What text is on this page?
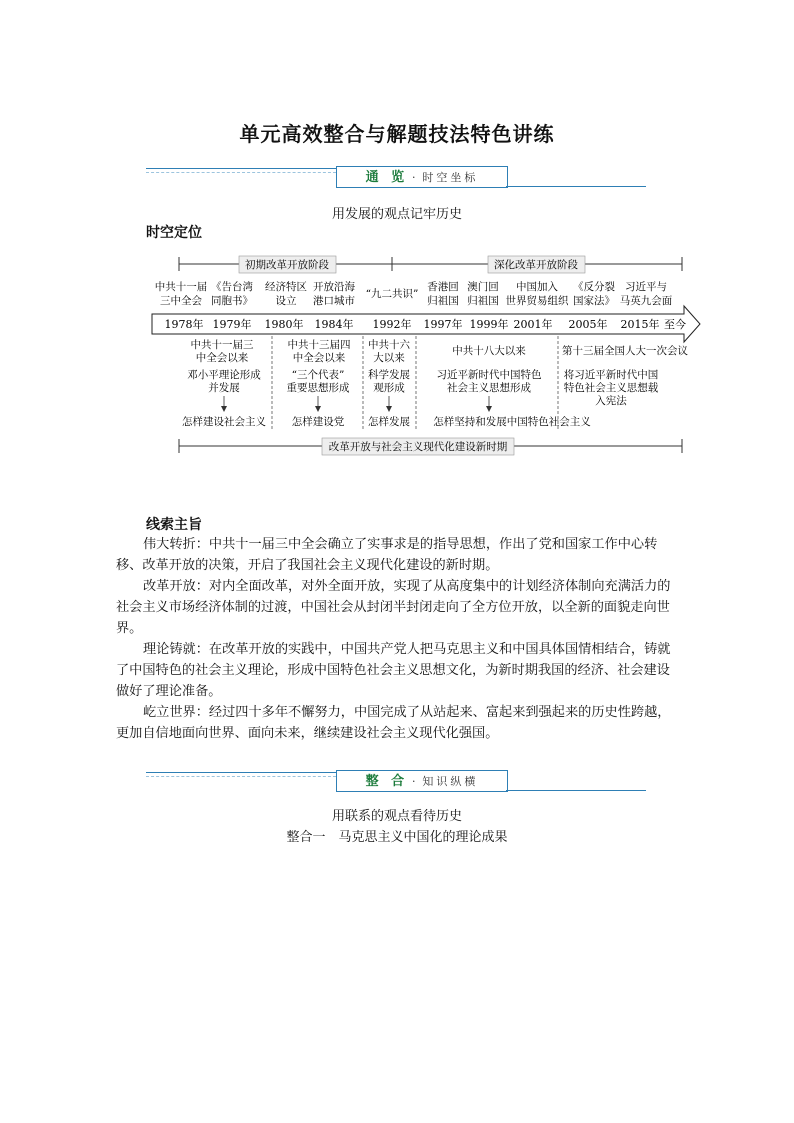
单元高效整合与解题技法特色讲练
通 览 · 时空坐标
用发展的观点记牢历史
时空定位
初期改革开放阶段	深化改革开放阶段
中共十一届
三中全会
《告台湾
同胞书》
经济特区
设立
开放沿海
港口城市
“九二共识”
香港回
归祖国
澳门回
归祖国
中国加入
世界贸易组织
《反分裂
国家法》
习近平与
马英九会面
1978年 1979年 1980年 1984年 1992年 1997年 1999年 2001年 2005年 2015年 至今
中共十一届三
中全会以来
邓小平理论形成
并发展
怎样建设社会主义
中共十三届四
中全会以来
“三个代表”
重要思想形成
怎样建设党
中共十六
大以来
科学发展
观形成
怎样发展
中共十八大以来
习近平新时代中国特色
社会主义思想形成
怎样坚持和发展中国特色社会主义
第十三届全国人大一次会议
将习近平新时代中国
特色社会主义思想载
入宪法
改革开放与社会主义现代化建设新时期
线索主旨

伟大转折：中共十一届三中全会确立了实事求是的指导思想，作出了党和国家工作中心转移、改革开放的决策，开启了我国社会主义现代化建设的新时期。

改革开放：对内全面改革，对外全面开放，实现了从高度集中的计划经济体制向充满活力的社会主义市场经济体制的过渡，中国社会从封闭半封闭走向了全方位开放，以全新的面貌走向世界。

理论铸就：在改革开放的实践中，中国共产党人把马克思主义和中国具体国情相结合，铸就了中国特色的社会主义理论，形成中国特色社会主义思想文化，为新时期我国的经济、社会建设做好了理论准备。

屹立世界：经过四十多年不懈努力，中国完成了从站起来、富起来到强起来的历史性跨越，更加自信地面向世界、面向未来，继续建设社会主义现代化强国。

整 合 · 知识纵横
用联系的观点看待历史
整合一　马克思主义中国化的理论成果
